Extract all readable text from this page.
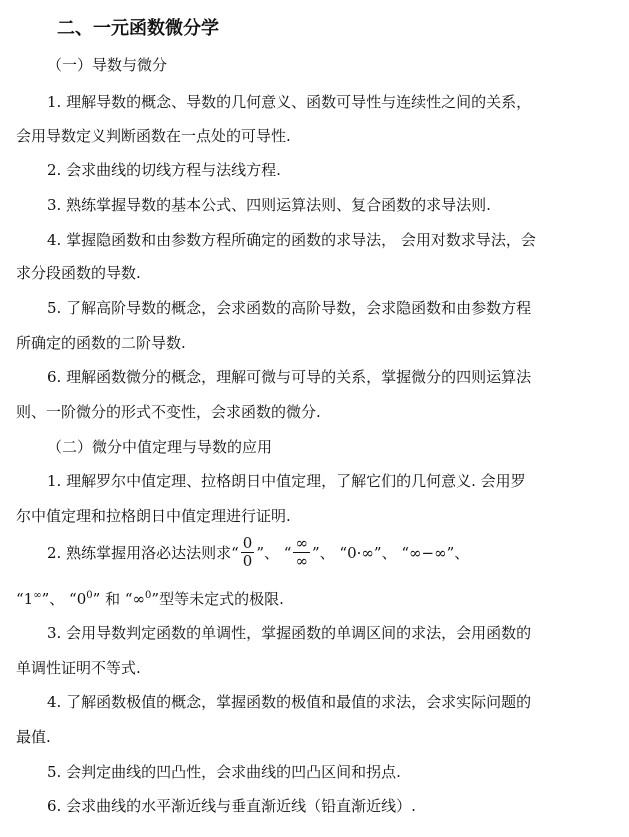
二、一元函数微分学
（一）导数与微分
1. 理解导数的概念、导数的几何意义、函数可导性与连续性之间的关系，
会用导数定义判断函数在一点处的可导性.
2. 会求曲线的切线方程与法线方程.
3. 熟练掌握导数的基本公式、四则运算法则、复合函数的求导法则.
4. 掌握隐函数和由参数方程所确定的函数的求导法， 会用对数求导法，会
求分段函数的导数.
5. 了解高阶导数的概念，会求函数的高阶导数，会求隐函数和由参数方程
所确定的函数的二阶导数.
6. 理解函数微分的概念，理解可微与可导的关系，掌握微分的四则运算法
则、一阶微分的形式不变性，会求函数的微分.
（二）微分中值定理与导数的应用
1. 理解罗尔中值定理、拉格朗日中值定理，了解它们的几何意义. 会用罗
尔中值定理和拉格朗日中值定理进行证明.
2. 熟练掌握用洛必达法则求“ $\frac{0}{0}$ ”、 “ $\frac{\infty}{\infty}$ ”、 “0·∞”、 “∞−∞”、
“1∞”、 “$0^0$” 和 “∞$^0$”型等未定式的极限.
3. 会用导数判定函数的单调性，掌握函数的单调区间的求法，会用函数的
单调性证明不等式.
4. 了解函数极值的概念，掌握函数的极值和最值的求法，会求实际问题的
最值.
5. 会判定曲线的凹凸性，会求曲线的凹凸区间和拐点.
6. 会求曲线的水平渐近线与垂直渐近线（铅直渐近线）.
